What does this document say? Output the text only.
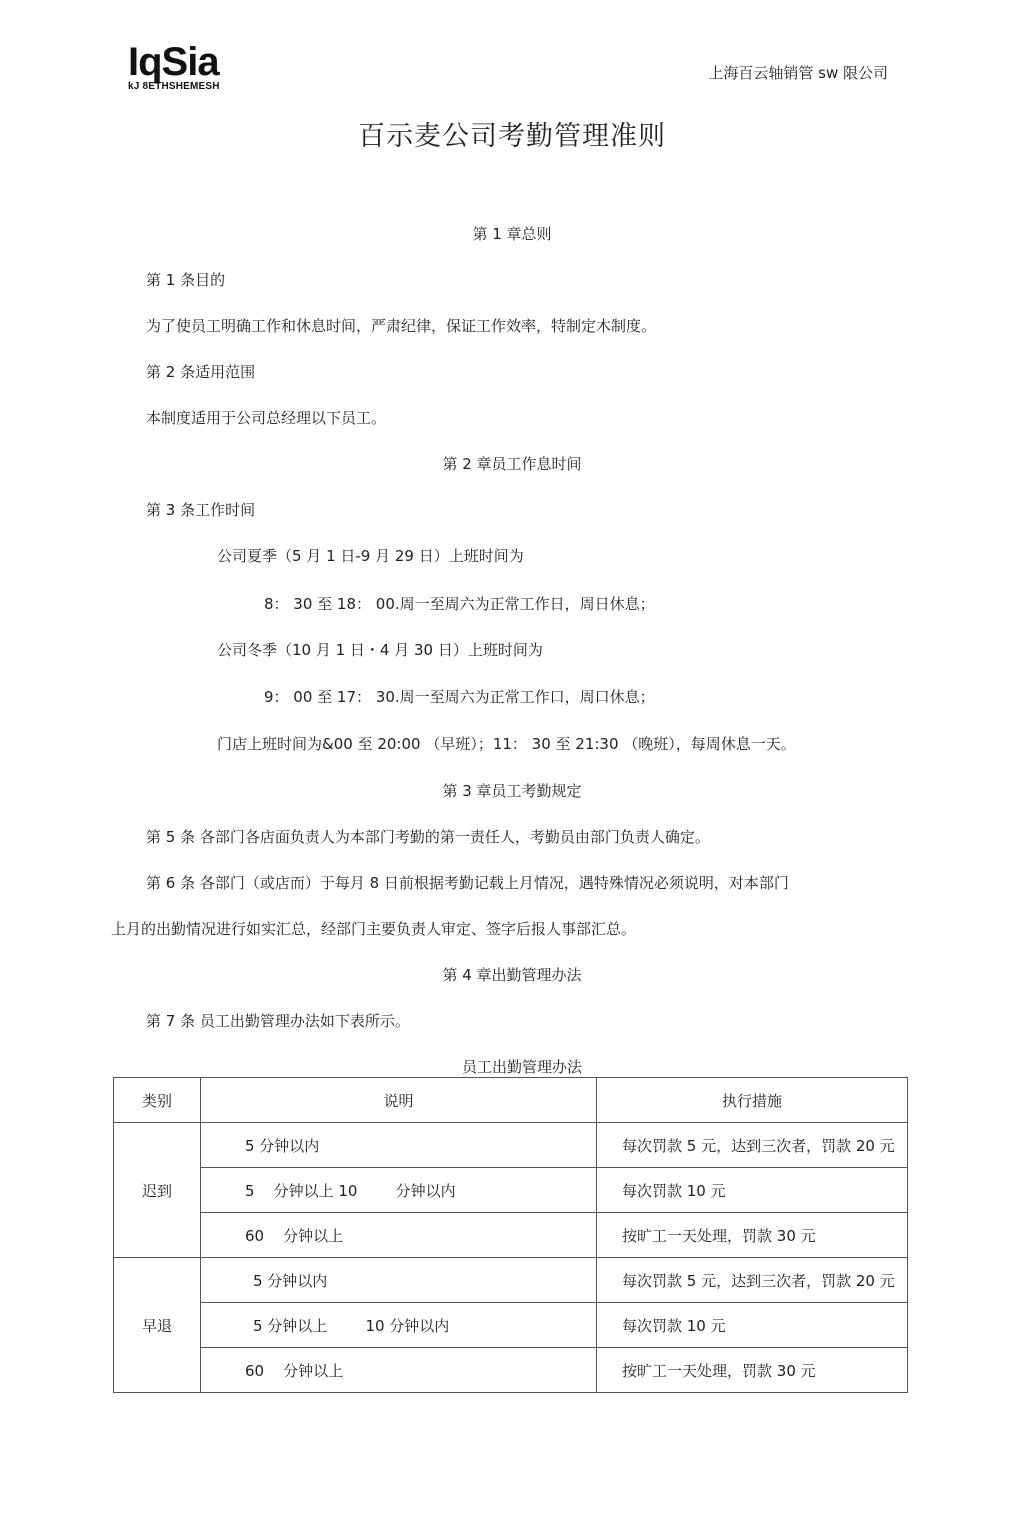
IqSia
kJ 8ETHSHEMESH
上海百云轴销管 sw 限公司
百示麦公司考勤管理准则
第 1 章总则
第 1 条目的
为了使员工明确工作和休息时间，严肃纪律，保证工作效率，特制定木制度。
第 2 条适用范围
本制度适用于公司总经理以下员工。
第 2 章员工作息时间
第 3 条工作时间
公司夏季（5 月 1 日-9 月 29 日）上班时间为
8： 30 至 18： 00.周一至周六为正常工作日，周日休息；
公司冬季（10 月 1 日・4 月 30 日）上班时间为
9： 00 至 17： 30.周一至周六为正常工作口，周口休息；
门店上班时间为&00 至 20:00 （早班）；11： 30 至 21:30 （晚班），每周休息一天。
第 3 章员工考勤规定
第 5 条 各部门各店面负责人为本部门考勤的第一责任人，考勤员由部门负责人确定。
第 6 条 各部门（或店而）于每月 8 日前根据考勤记载上月情况，遇特殊情况必须说明，对本部门
上月的出勤情况进行如实汇总，经部门主要负责人审定、签字后报人事部汇总。
第 4 章出勤管理办法
第 7 条 员工出勤管理办法如下表所示。
员工出勤管理办法
类别	说明	执行措施
迟到	5 分钟以内	每次罚款 5 元，达到三次者，罚款 20 元
	5    分钟以上 10        分钟以内	每次罚款 10 元
	60    分钟以上	按旷工一天处理，罚款 30 元
早退	5 分钟以内	每次罚款 5 元，达到三次者，罚款 20 元
	5 分钟以上        10 分钟以内	每次罚款 10 元
	60    分钟以上	按旷工一天处理，罚款 30 元
